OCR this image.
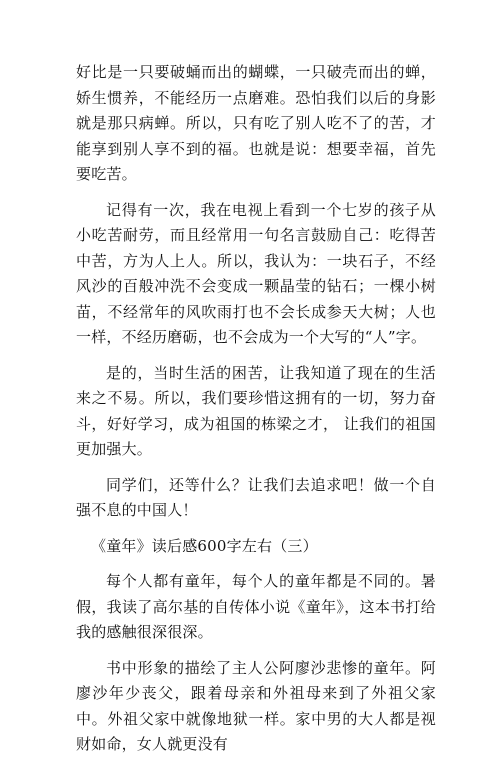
好比是一只要破蛹而出的蝴蝶，一只破壳而出的蝉，娇生惯养，不能经历一点磨难。恐怕我们以后的身影就是那只病蝉。所以，只有吃了别人吃不了的苦，才能享到别人享不到的福。也就是说：想要幸福，首先要吃苦。

记得有一次，我在电视上看到一个七岁的孩子从小吃苦耐劳，而且经常用一句名言鼓励自己：吃得苦中苦，方为人上人。所以，我认为：一块石子，不经风沙的百般冲洗不会变成一颗晶莹的钻石；一棵小树苗，不经常年的风吹雨打也不会长成参天大树；人也一样，不经历磨砺，也不会成为一个大写的“人”字。

是的，当时生活的困苦，让我知道了现在的生活来之不易。所以，我们要珍惜这拥有的一切，努力奋斗，好好学习，成为祖国的栋梁之才， 让我们的祖国更加强大。

同学们，还等什么？让我们去追求吧！做一个自强不息的中国人！

《童年》读后感600字左右（三）

每个人都有童年，每个人的童年都是不同的。暑假，我读了高尔基的自传体小说《童年》，这本书打给我的感触很深很深。

书中形象的描绘了主人公阿廖沙悲惨的童年。阿廖沙年少丧父，跟着母亲和外祖母来到了外祖父家中。外祖父家中就像地狱一样。家中男的大人都是视财如命，女人就更没有
